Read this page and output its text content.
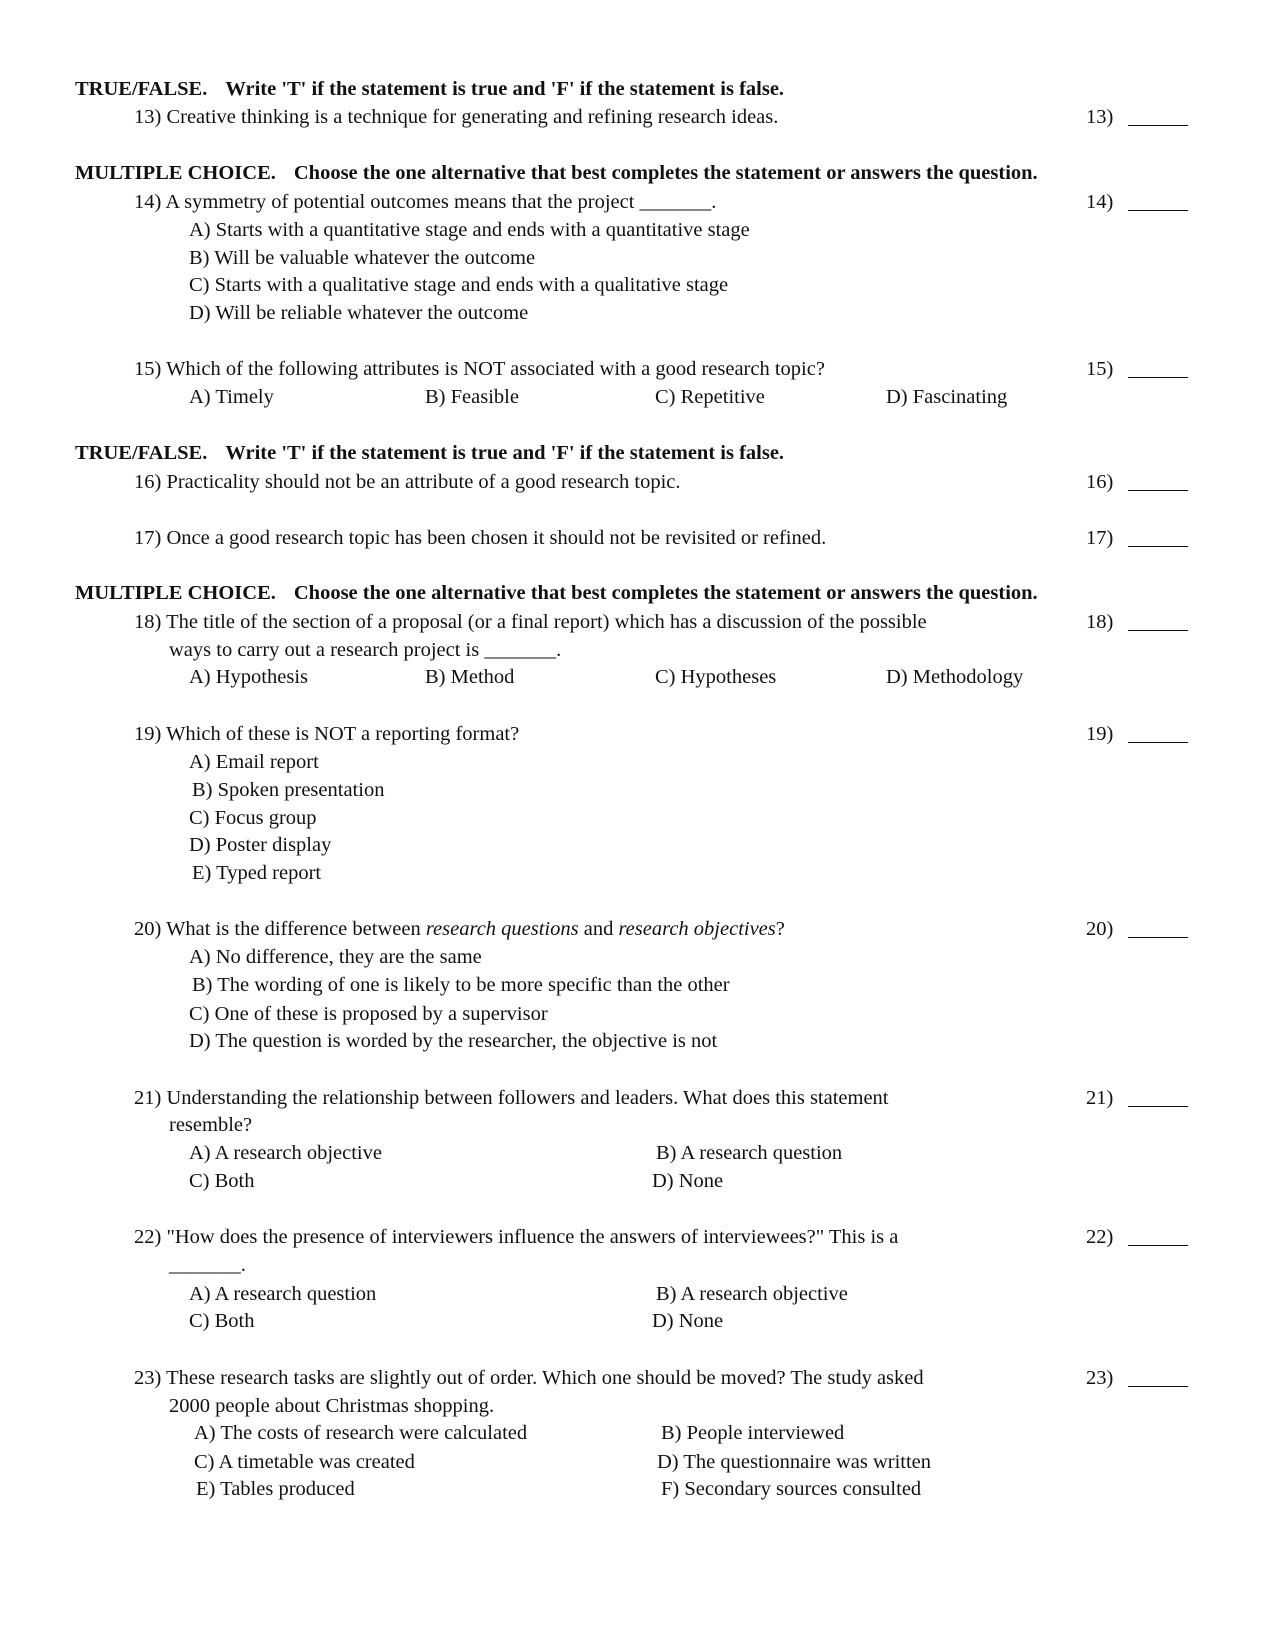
TRUE/FALSE. Write 'T' if the statement is true and 'F' if the statement is false.
13) Creative thinking is a technique for generating and refining research ideas.	13)
MULTIPLE CHOICE. Choose the one alternative that best completes the statement or answers the question.
14) A symmetry of potential outcomes means that the project _______.	14)
A) Starts with a quantitative stage and ends with a quantitative stage
B) Will be valuable whatever the outcome
C) Starts with a qualitative stage and ends with a qualitative stage
D) Will be reliable whatever the outcome
15) Which of the following attributes is NOT associated with a good research topic?	15)
A) Timely	B) Feasible	C) Repetitive	D) Fascinating
TRUE/FALSE. Write 'T' if the statement is true and 'F' if the statement is false.
16) Practicality should not be an attribute of a good research topic.	16)
17) Once a good research topic has been chosen it should not be revisited or refined.	17)
MULTIPLE CHOICE. Choose the one alternative that best completes the statement or answers the question.
18) The title of the section of a proposal (or a final report) which has a discussion of the possible
ways to carry out a research project is _______.
18)
A) Hypothesis	B) Method	C) Hypotheses	D) Methodology
19) Which of these is NOT a reporting format?	19)
A) Email report
B) Spoken presentation
C) Focus group
D) Poster display
E) Typed report
20) What is the difference between research questions and research objectives?	20)
A) No difference, they are the same
B) The wording of one is likely to be more specific than the other
C) One of these is proposed by a supervisor
D) The question is worded by the researcher, the objective is not
21) Understanding the relationship between followers and leaders. What does this statement
resemble?
21)
A) A research objective	B) A research question
C) Both	D) None
22) "How does the presence of interviewers influence the answers of interviewees?" This is a
_______.
22)
A) A research question	B) A research objective
C) Both	D) None
23) These research tasks are slightly out of order. Which one should be moved? The study asked
2000 people about Christmas shopping.
23)
A) The costs of research were calculated	B) People interviewed
C) A timetable was created	D) The questionnaire was written
E) Tables produced	F) Secondary sources consulted
